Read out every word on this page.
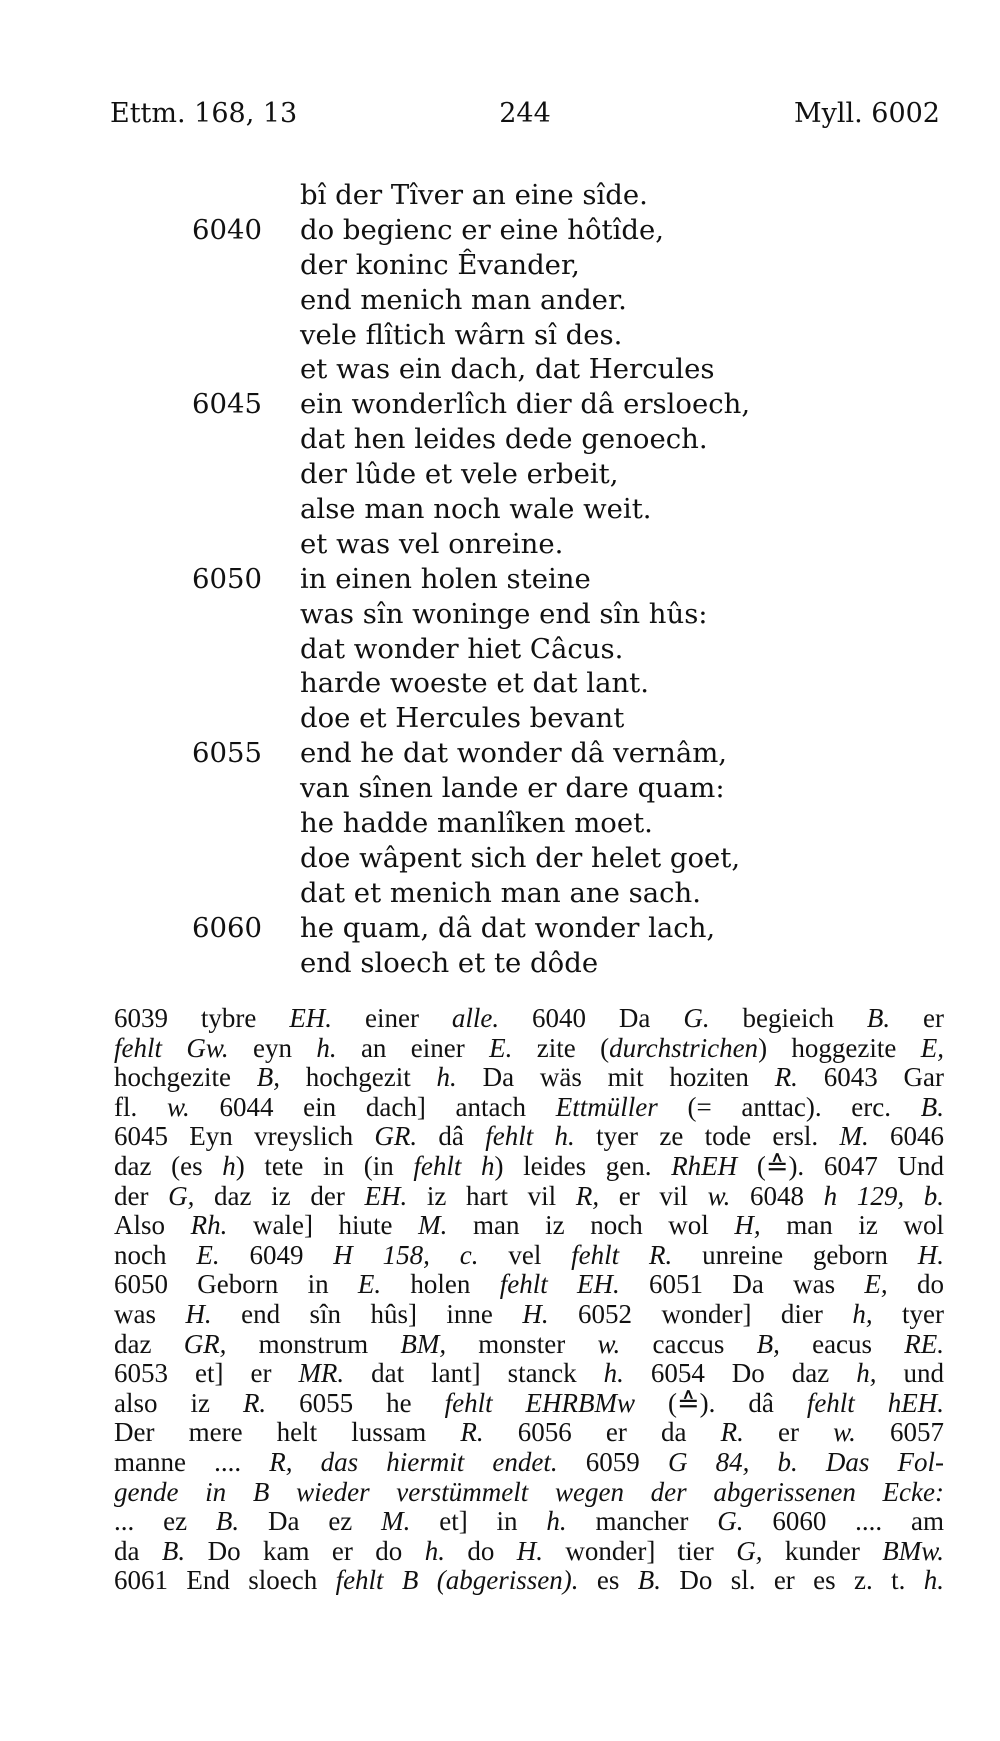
Ettm. 168, 13	244	Myll. 6002
bî der Tîver an eine sîde.
6040 do begienc er eine hôtîde,
der koninc Êvander,
end menich man ander.
vele flîtich wârn sî des.
et was ein dach, dat Hercules
6045 ein wonderlîch dier dâ ersloech,
dat hen leides dede genoech.
der lûde et vele erbeit,
alse man noch wale weit.
et was vel onreine.
6050 in einen holen steine
was sîn woninge end sîn hûs:
dat wonder hiet Câcus.
harde woeste et dat lant.
doe et Hercules bevant
6055 end he dat wonder dâ vernâm,
van sînen lande er dare quam:
he hadde manlîken moet.
doe wâpent sich der helet goet,
dat et menich man ane sach.
6060 he quam, dâ dat wonder lach,
end sloech et te dôde
6039 tybre EH. einer alle. 6040 Da G. begieich B. er
fehlt Gw. eyn h. an einer E. zite (durchstrichen) hoggezite E,
hochgezite B, hochgezit h. Da wäs mit hoziten R. 6043 Gar
fl. w. 6044 ein dach] antach Ettmüller (= anttac). erc. B.
6045 Eyn vreyslich GR. dâ fehlt h. tyer ze tode ersl. M. 6046
daz (es h) tete in (in fehlt h) leides gen. RhEH (≙). 6047 Und
der G, daz iz der EH. iz hart vil R, er vil w. 6048 h 129, b.
Also Rh. wale] hiute M. man iz noch wol H, man iz wol
noch E. 6049 H 158, c. vel fehlt R. unreine geborn H.
6050 Geborn in E. holen fehlt EH. 6051 Da was E, do
was H. end sîn hûs] inne H. 6052 wonder] dier h, tyer
daz GR, monstrum BM, monster w. caccus B, eacus RE.
6053 et] er MR. dat lant] stanck h. 6054 Do daz h, und
also iz R. 6055 he fehlt EHRBMw (≙). dâ fehlt hEH.
Der mere helt lussam R. 6056 er da R. er w. 6057
manne .... R, das hiermit endet. 6059 G 84, b. Das Fol-
gende in B wieder verstümmelt wegen der abgerissenen Ecke:
... ez B. Da ez M. et] in h. mancher G. 6060 .... am
da B. Do kam er do h. do H. wonder] tier G, kunder BMw.
6061 End sloech fehlt B (abgerissen). es B. Do sl. er es z. t. h.
